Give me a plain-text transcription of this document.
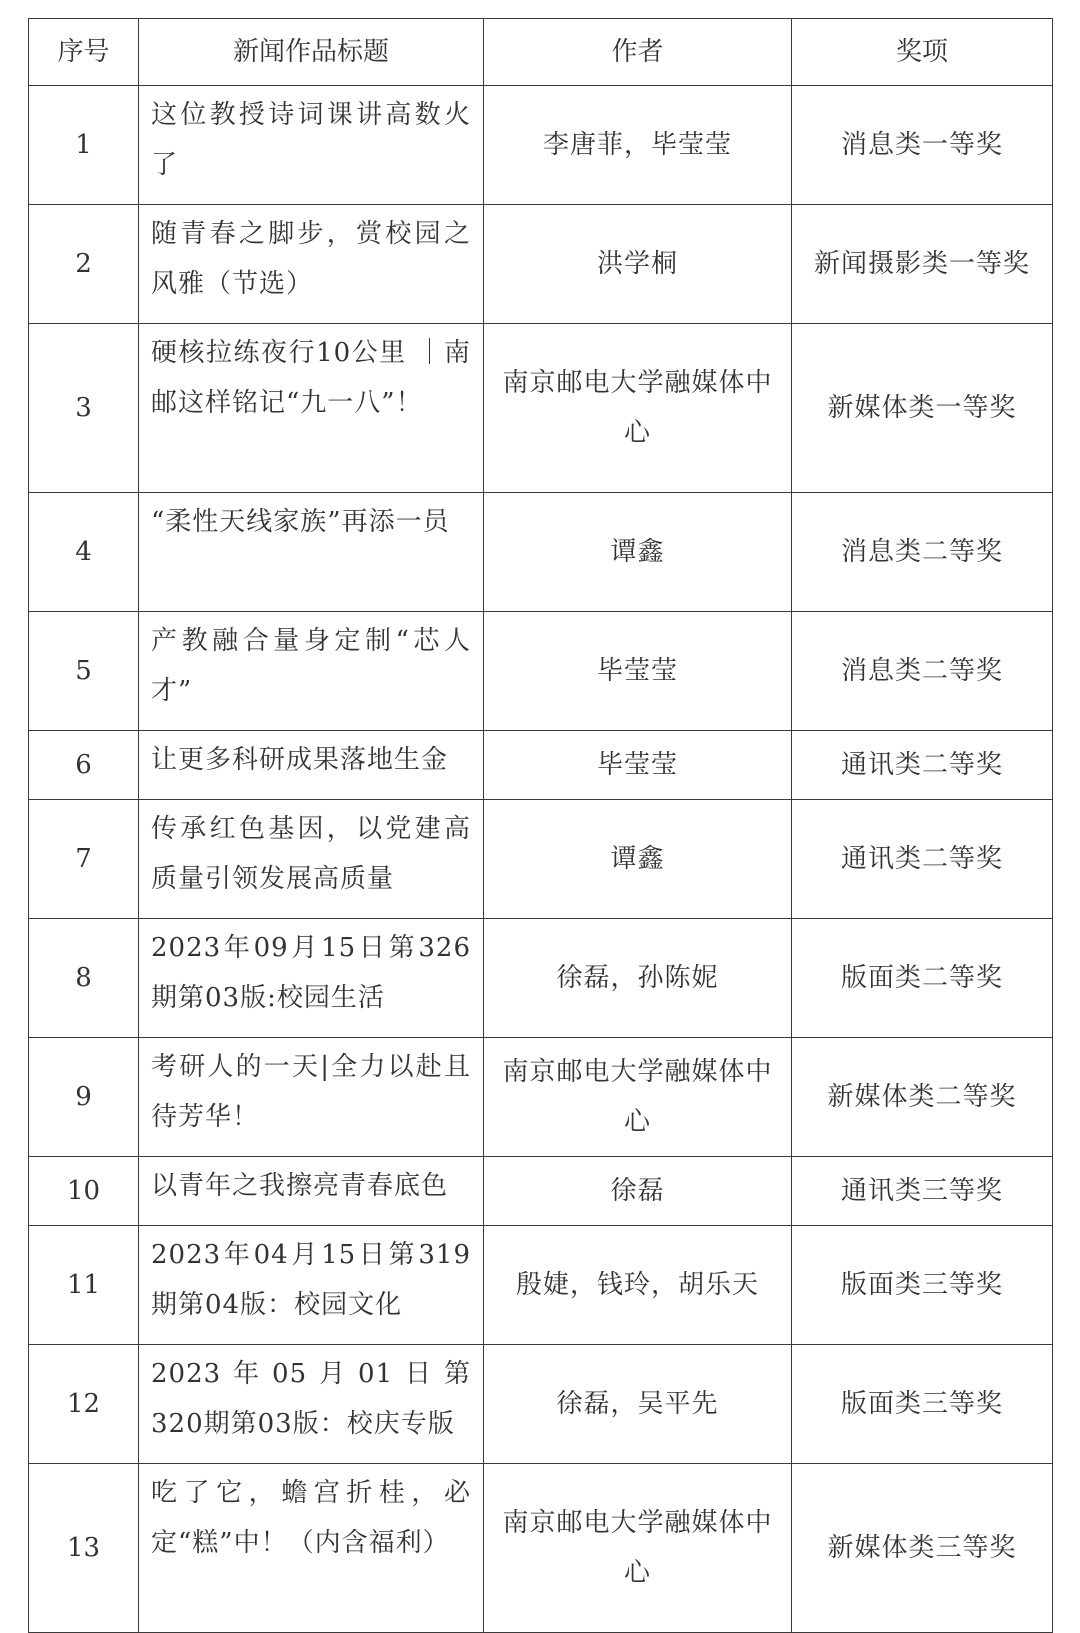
序号	新闻作品标题	作者	奖项
1	这位教授诗词课讲高数火了	李唐菲，毕莹莹	消息类一等奖
2	随青春之脚步，赏校园之风雅（节选）	洪学桐	新闻摄影类一等奖
3	硬核拉练夜行10公里 ｜南邮这样铭记“九一八”！	南京邮电大学融媒体中心	新媒体类一等奖
4	“柔性天线家族”再添一员	谭鑫	消息类二等奖
5	产教融合量身定制“芯人才”	毕莹莹	消息类二等奖
6	让更多科研成果落地生金	毕莹莹	通讯类二等奖
7	传承红色基因，以党建高质量引领发展高质量	谭鑫	通讯类二等奖
8	2023年09月15日第326期第03版:校园生活	徐磊，孙陈妮	版面类二等奖
9	考研人的一天|全力以赴且待芳华！	南京邮电大学融媒体中心	新媒体类二等奖
10	以青年之我擦亮青春底色	徐磊	通讯类三等奖
11	2023年04月15日第319期第04版：校园文化	殷婕，钱玲，胡乐天	版面类三等奖
12	2023年05月01日第　320期第03版：校庆专版	徐磊，吴平先	版面类三等奖
13	吃了它，蟾宫折桂，必定“糕”中！（内含福利）	南京邮电大学融媒体中心	新媒体类三等奖
